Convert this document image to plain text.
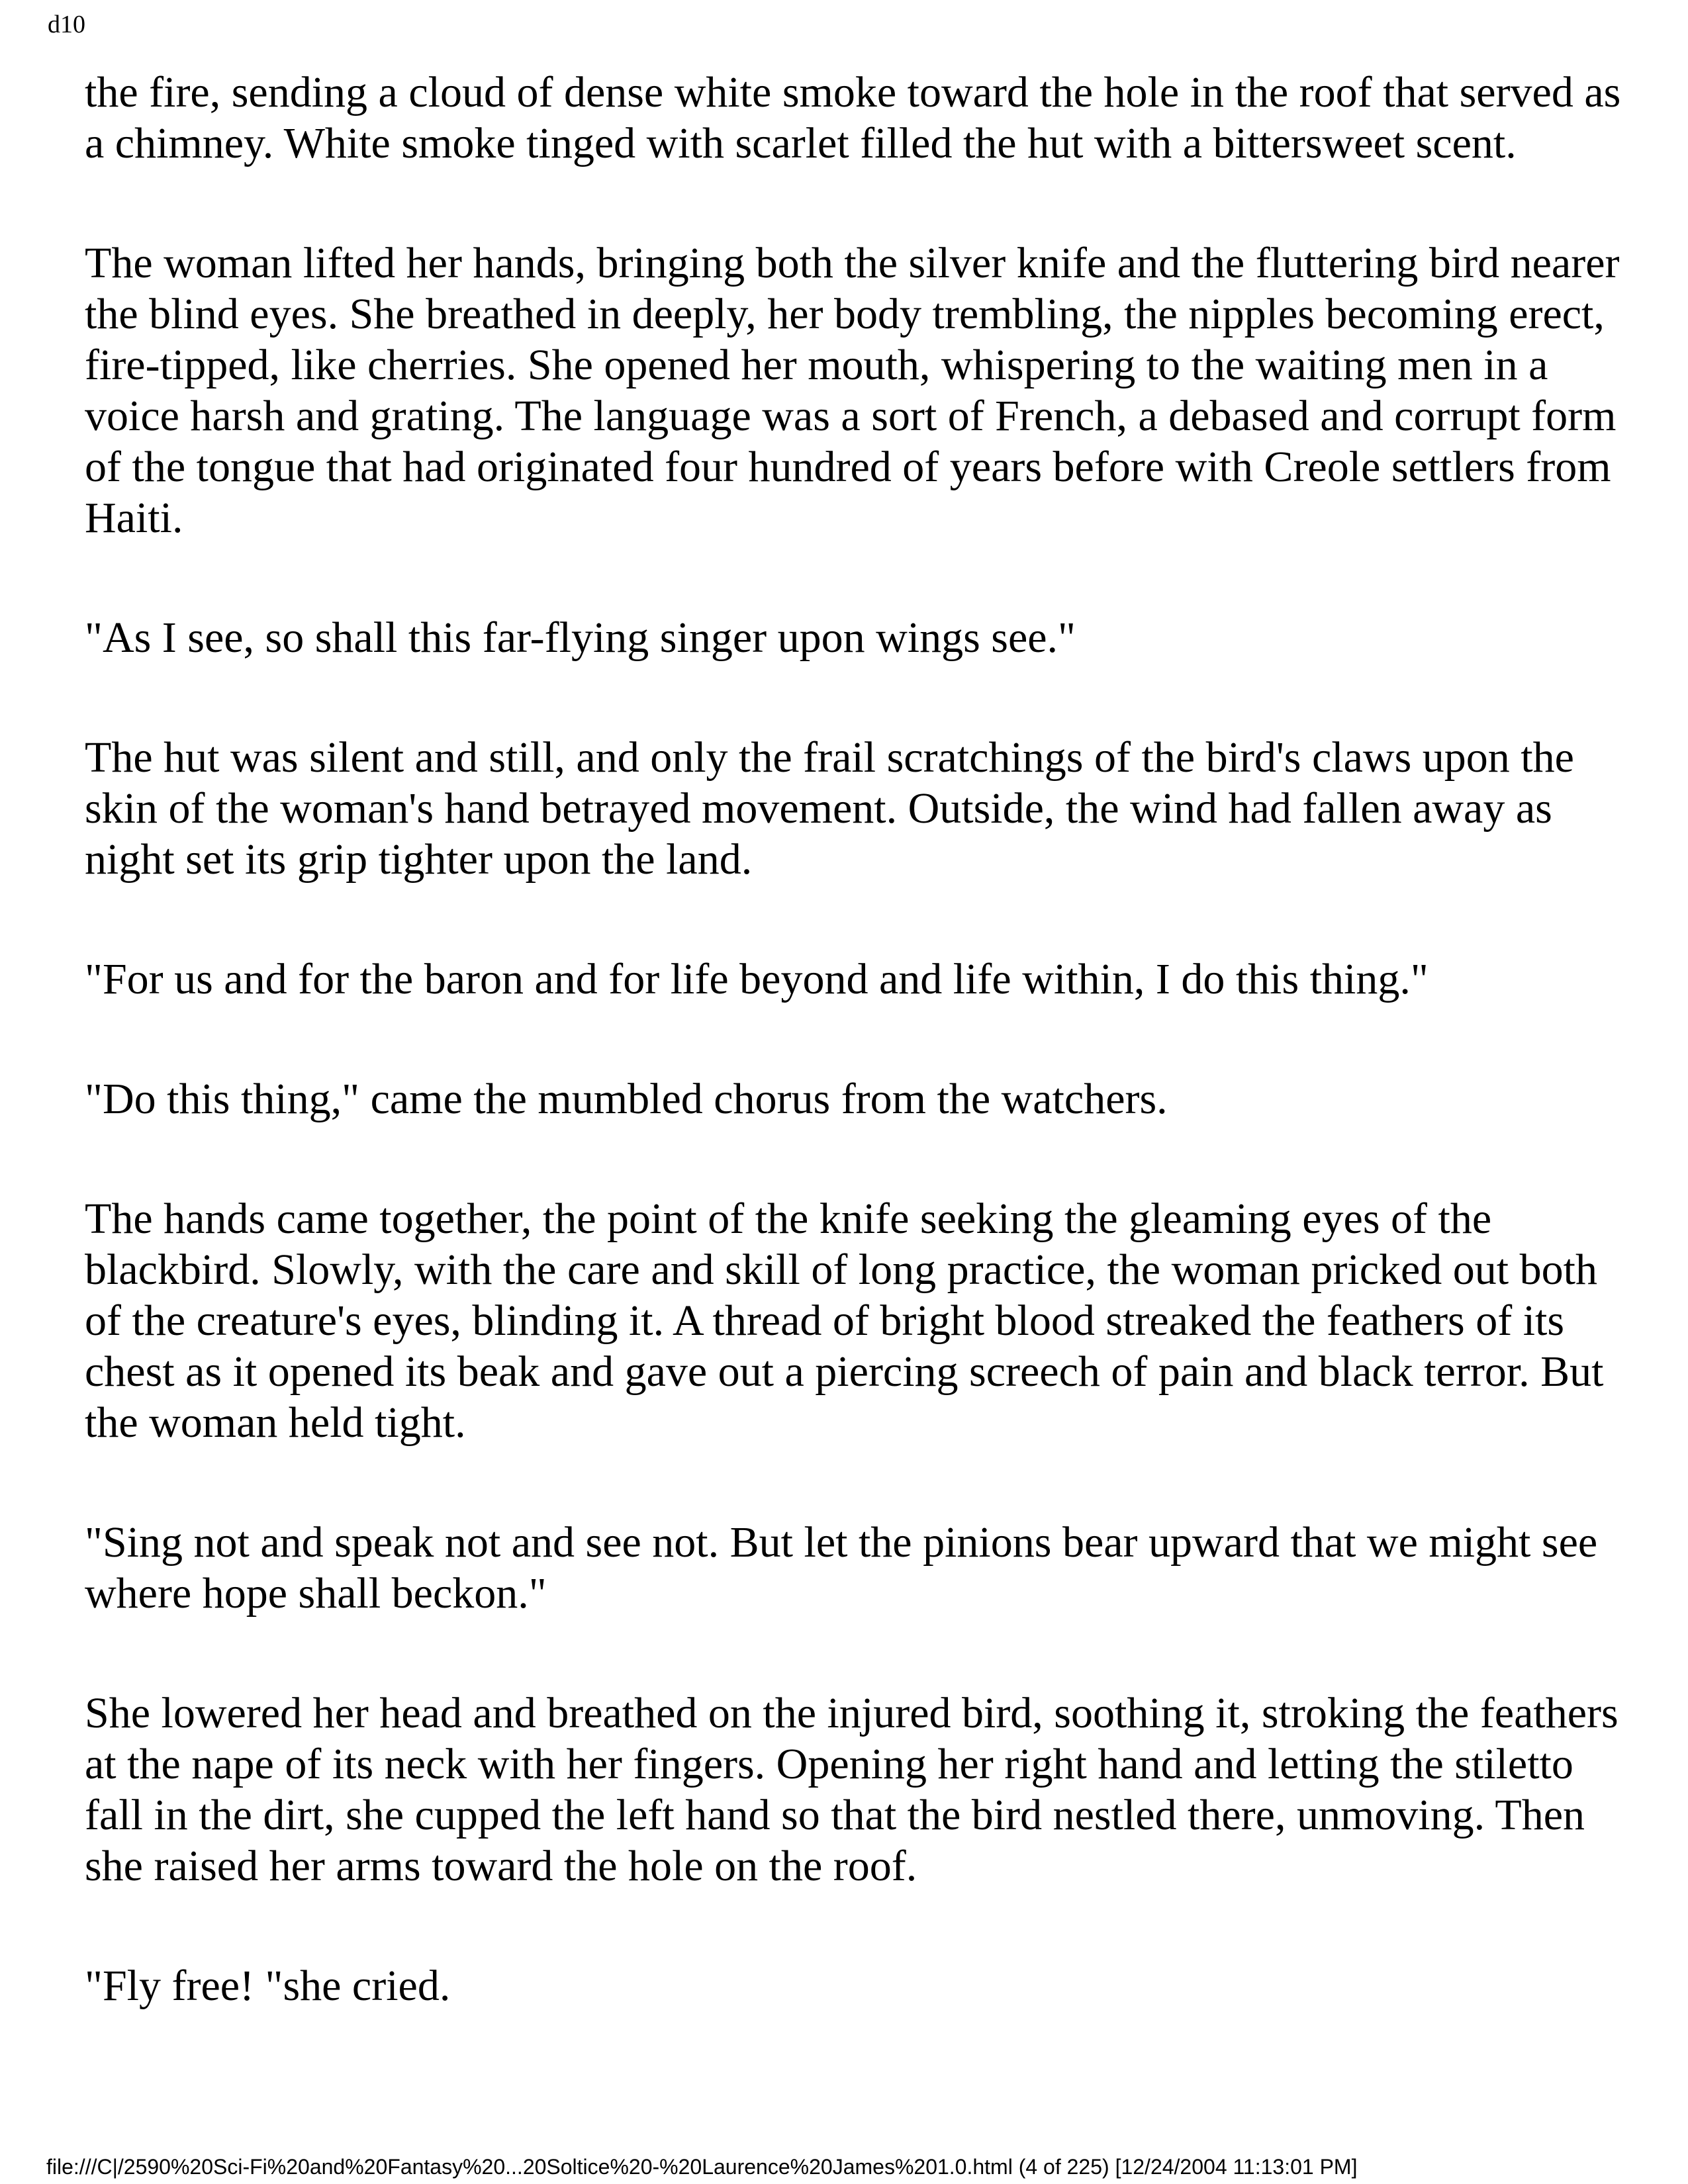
d10

the fire, sending a cloud of dense white smoke toward the hole in the roof that served as a chimney. White smoke tinged with scarlet filled the hut with a bittersweet scent.

The woman lifted her hands, bringing both the silver knife and the fluttering bird nearer the blind eyes. She breathed in deeply, her body trembling, the nipples becoming erect, fire-tipped, like cherries. She opened her mouth, whispering to the waiting men in a voice harsh and grating. The language was a sort of French, a debased and corrupt form of the tongue that had originated four hundred of years before with Creole settlers from Haiti.

"As I see, so shall this far-flying singer upon wings see."

The hut was silent and still, and only the frail scratchings of the bird's claws upon the skin of the woman's hand betrayed movement. Outside, the wind had fallen away as night set its grip tighter upon the land.

"For us and for the baron and for life beyond and life within, I do this thing."

"Do this thing," came the mumbled chorus from the watchers.

The hands came together, the point of the knife seeking the gleaming eyes of the blackbird. Slowly, with the care and skill of long practice, the woman pricked out both of the creature's eyes, blinding it. A thread of bright blood streaked the feathers of its chest as it opened its beak and gave out a piercing screech of pain and black terror. But the woman held tight.

"Sing not and speak not and see not. But let the pinions bear upward that we might see where hope shall beckon."

She lowered her head and breathed on the injured bird, soothing it, stroking the feathers at the nape of its neck with her fingers. Opening her right hand and letting the stiletto fall in the dirt, she cupped the left hand so that the bird nestled there, unmoving. Then she raised her arms toward the hole on the roof.

"Fly free! "she cried.

file:///C|/2590%20Sci-Fi%20and%20Fantasy%20...20Soltice%20-%20Laurence%20James%201.0.html (4 of 225) [12/24/2004 11:13:01 PM]
